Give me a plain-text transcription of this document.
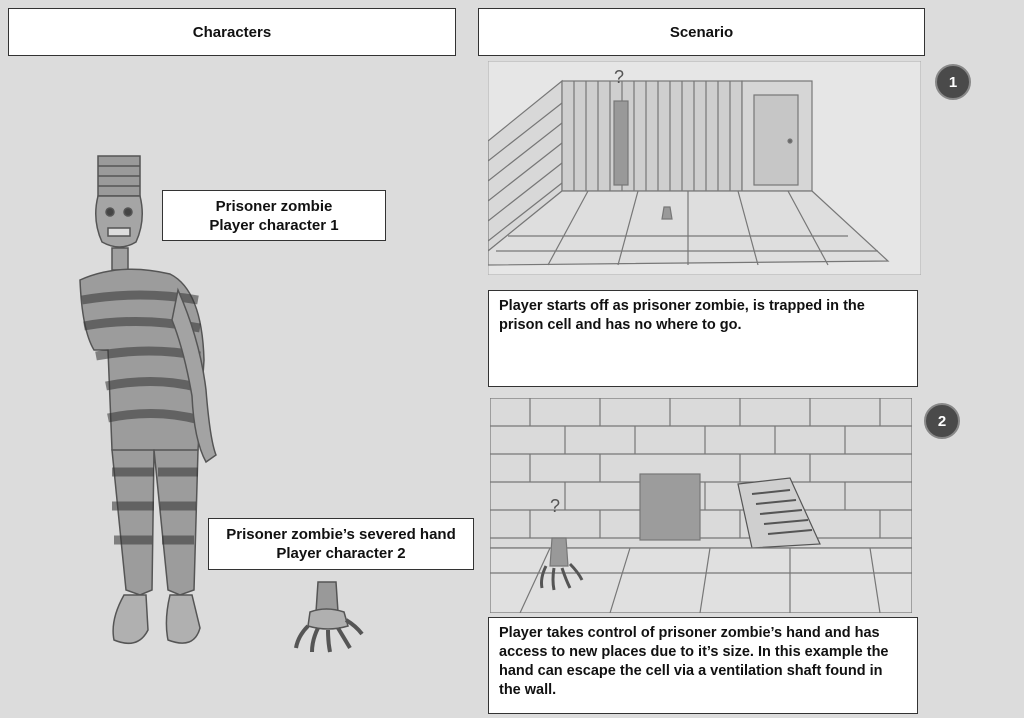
Characters	Scenario
Prisoner zombie
Player character 1
Prisoner zombie’s severed hand
Player character 2
?	1
Player starts off as prisoner zombie, is trapped in the prison cell and has no where to go.
?
2
Player takes control of prisoner zombie’s hand and has access to new places due to it’s size. In this example the hand can escape the cell via a ventilation shaft found in the wall.
